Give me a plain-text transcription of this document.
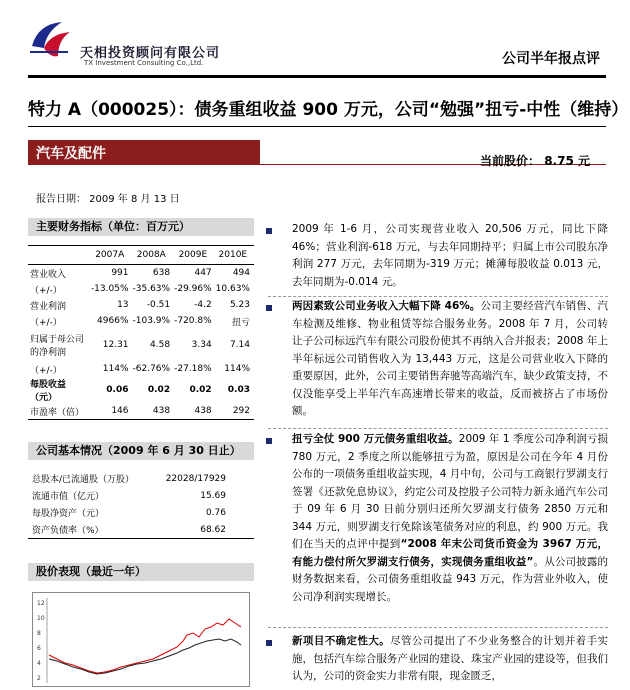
天相投资顾问有限公司
TX Investment Consulting Co.,Ltd.	公司半年报点评
特力 A（000025）：债务重组收益 900 万元，公司“勉强”扭亏-中性（维持）
汽车及配件	当前股价： 8.75 元
报告日期： 2009 年 8 月 13 日
主要财务指标（单位：百万元）
	2007A	2008A	2009E	2010E
营业收入	991	638	447	494
（+/-）	-13.05%	-35.63%	-29.96%	10.63%
营业利润	13	-0.51	-4.2	5.23
（+/-）	4966%	-103.9%	-720.8%	扭亏
归属于母公司的净利润	12.31	4.58	3.34	7.14
（+/-）	114%	-62.76%	-27.18%	114%
每股收益（元）	0.06	0.02	0.02	0.03
市盈率（倍）	146	438	438	292
公司基本情况（2009 年 6 月 30 日止）
总股本/已流通股（万股）	22028/17929
流通市值（亿元）	15.69
每股净资产（元）	0.76
资产负债率（%）	68.62
股价表现（最近一年）
12
10
8
6
4
2
2009 年 1-6 月，公司实现营业收入 20,506 万元，同比下降 46%；营业利润-618 万元，与去年同期持平；归属上市公司股东净利润 277 万元，去年同期为-319 万元；摊薄每股收益 0.013 元，去年同期为-0.014 元。
两因素致公司业务收入大幅下降 46%。公司主要经营汽车销售、汽车检测及维修、物业租赁等综合服务业务。2008 年 7 月，公司转让子公司标远汽车有限公司股份使其不再纳入合并报表；2008 年上半年标远公司销售收入为 13,443 万元，这是公司营业收入下降的重要原因，此外，公司主要销售奔驰等高端汽车，缺少政策支持，不仅没能享受上半年汽车高速增长带来的收益，反而被挤占了市场份额。
扭亏全仗 900 万元债务重组收益。2009 年 1 季度公司净利润亏损 780 万元，2 季度之所以能够扭亏为盈，原因是公司在今年 4 月份公布的一项债务重组收益实现，4 月中旬，公司与工商银行罗湖支行签署《还款免息协议》，约定公司及控股子公司特力新永通汽车公司于 09 年 6 月 30 日前分别归还所欠罗湖支行债务 2850 万元和 344 万元，则罗湖支行免除该笔债务对应的利息，约 900 万元。我们在当天的点评中提到“2008 年末公司货币资金为 3967 万元，有能力偿付所欠罗湖支行债务，实现债务重组收益”。从公司披露的财务数据来看，公司债务重组收益 943 万元，作为营业外收入，使公司净利润实现增长。
新项目不确定性大。尽管公司提出了不少业务整合的计划并着手实施，包括汽车综合服务产业园的建设、珠宝产业园的建设等，但我们认为，公司的资金实力非常有限，现金匮乏，
